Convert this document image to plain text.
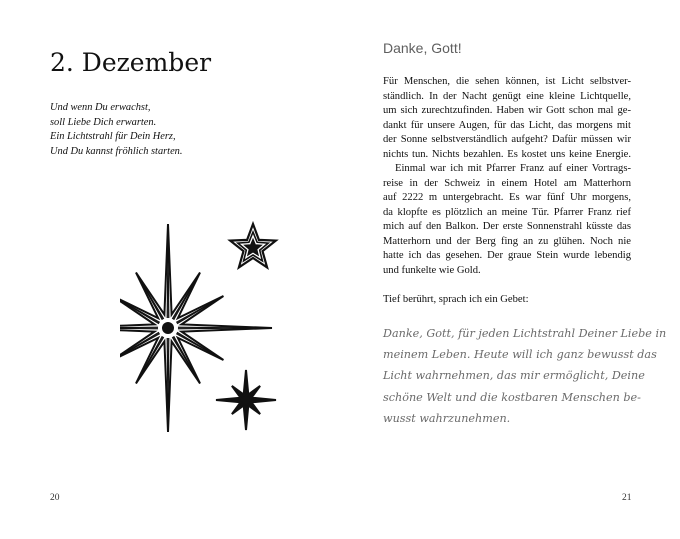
2. Dezember
Und wenn Du erwachst,
soll Liebe Dich erwarten.
Ein Lichtstrahl für Dein Herz,
Und Du kannst fröhlich starten.
20
Danke, Gott!
Für Menschen, die sehen können, ist Licht selbstver-
ständlich. In der Nacht genügt eine kleine Lichtquelle,
um sich zurechtzufinden. Haben wir Gott schon mal ge-
dankt für unsere Augen, für das Licht, das morgens mit
der Sonne selbstverständlich aufgeht? Dafür müssen wir
nichts tun. Nichts bezahlen. Es kostet uns keine Energie.
Einmal war ich mit Pfarrer Franz auf einer Vortrags-
reise in der Schweiz in einem Hotel am Matterhorn
auf 2222 m untergebracht. Es war fünf Uhr morgens,
da klopfte es plötzlich an meine Tür. Pfarrer Franz rief
mich auf den Balkon. Der erste Sonnenstrahl küsste das
Matterhorn und der Berg fing an zu glühen. Noch nie
hatte ich das gesehen. Der graue Stein wurde lebendig
und funkelte wie Gold.
Tief berührt, sprach ich ein Gebet:
Danke, Gott, für jeden Lichtstrahl Deiner Liebe in
meinem Leben. Heute will ich ganz bewusst das
Licht wahrnehmen, das mir ermöglicht, Deine
schöne Welt und die kostbaren Menschen be-
wusst wahrzunehmen.
21
